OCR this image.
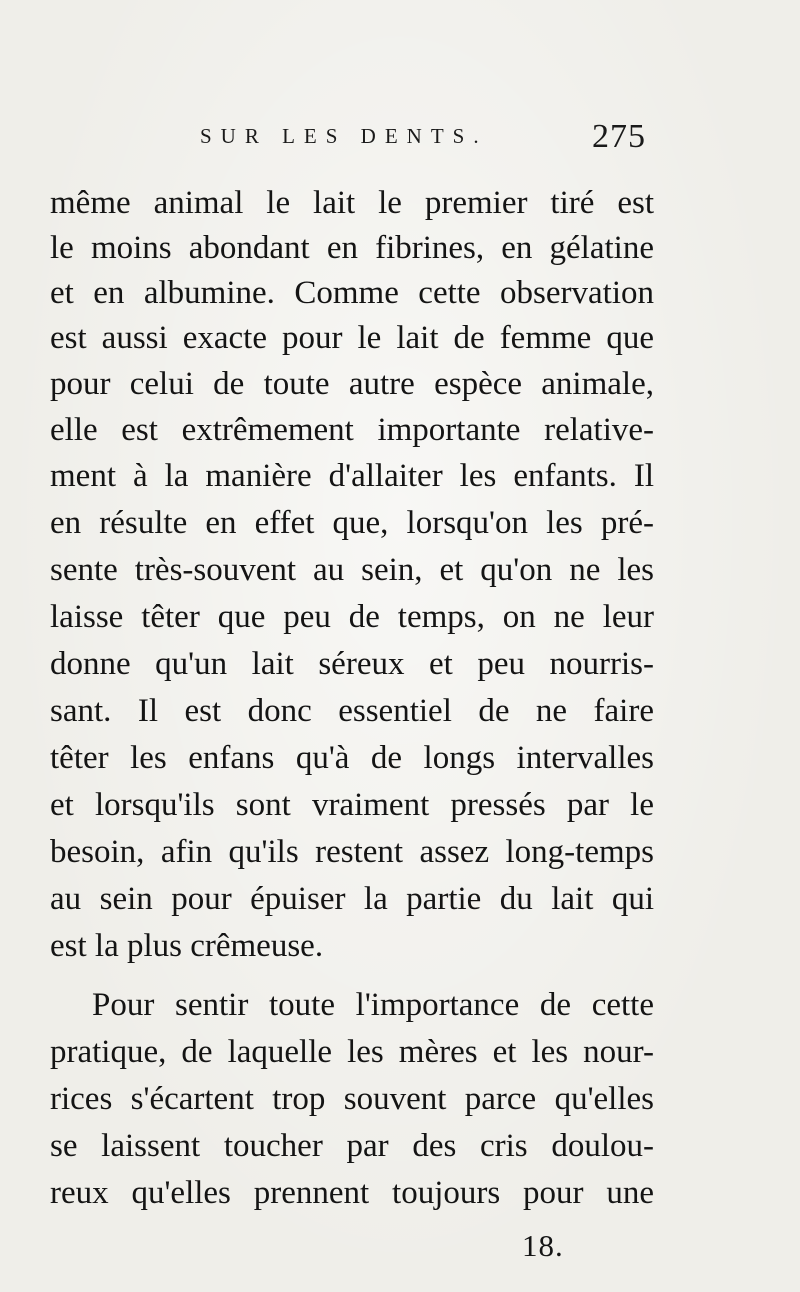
SUR LES DENTS.	275
même animal le lait le premier tiré est
le moins abondant en fibrines, en gélatine
et en albumine. Comme cette observation
est aussi exacte pour le lait de femme que
pour celui de toute autre espèce animale,
elle est extrêmement importante relative-
ment à la manière d'allaiter les enfants. Il
en résulte en effet que, lorsqu'on les pré-
sente très-souvent au sein, et qu'on ne les
laisse têter que peu de temps, on ne leur
donne qu'un lait séreux et peu nourris-
sant. Il est donc essentiel de ne faire
têter les enfans qu'à de longs intervalles
et lorsqu'ils sont vraiment pressés par le
besoin, afin qu'ils restent assez long-temps
au sein pour épuiser la partie du lait qui
est la plus crêmeuse.
Pour sentir toute l'importance de cette
pratique, de laquelle les mères et les nour-
rices s'écartent trop souvent parce qu'elles
se laissent toucher par des cris doulou-
reux qu'elles prennent toujours pour une
18.
